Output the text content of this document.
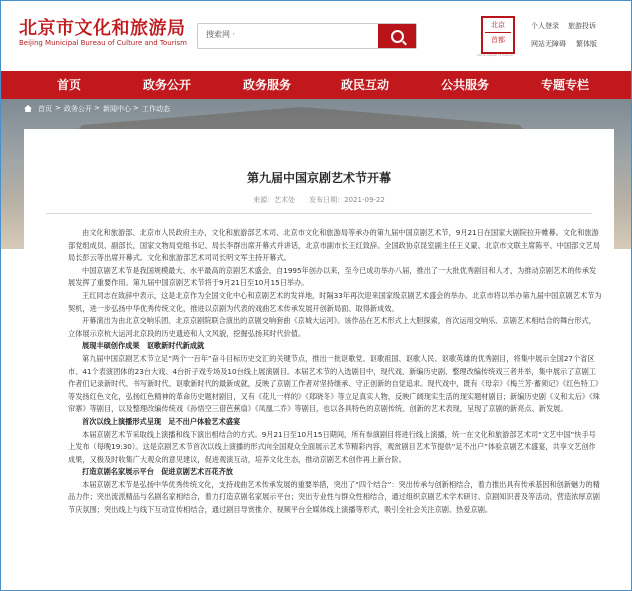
北京市文化和旅游局
Beijing Municipal Bureau of Culture and Tourism
搜索网 ·
北京
首都
China Capital of Culture
个人登录 旅游投诉
网站无障碍 繁体版
首页	政务公开	政务服务	政民互动	公共服务	专题专栏
首页 > 政务公开 > 新闻中心 > 工作动态
第九届中国京剧艺术节开幕
来源：艺术处　　发布日期：2021-09-22

由文化和旅游部、北京市人民政府主办，文化和旅游部艺术司、北京市文化和旅游局等承办的第九届中国京剧艺术节，9月21日在国家大剧院拉开帷幕。文化和旅游部党组成员、副部长，国家文物局党组书记、局长李群出席开幕式并讲话，北京市副市长王红致辞。全国政协京昆室副主任王义蒙、北京市文联主席陈平、中国部文艺局局长彭云等出席开幕式。文化和旅游部艺术司司长明文军主持开幕式。

中国京剧艺术节是我国规模最大、水平最高的京剧艺术盛会，自1995年创办以来，至今已成功举办八届，推出了一大批优秀剧目和人才，为推动京剧艺术的传承发展发挥了重要作用。第九届中国京剧艺术节将于9月21日至10月15日举办。

王红同志在致辞中表示，这是北京作为全国文化中心和京剧艺术的发祥地，时隔33年再次迎来国家级京剧艺术盛会的举办。北京市将以举办第九届中国京剧艺术节为契机，进一步弘扬中华优秀传统文化，推进以京剧为代表的戏曲艺术传承发展开创新局面、取得新成效。

开幕演出为由北京交响乐团、北京京剧院联合演出的京剧交响套曲《京城大运河》。该作品在艺术形式上大胆探索，首次运用交响乐、京剧艺术相结合的舞台形式，立体展示京杭大运河北京段的历史遗迹和人文风貌，挖掘弘扬其时代价值。

展现丰硕创作成果　讴歌新时代新成就

第九届中国京剧艺术节立足“两个一百年”奋斗目标历史交汇的关键节点，推出一批讴歌党、讴歌祖国、讴歌人民、讴歌英雄的优秀剧目，将集中展示全国27个省区市、41个表演团体的23台大戏、4台折子戏专场及10台线上展演剧目。本届艺术节的入选剧目中，现代戏、新编历史剧、整理改编传统戏三者并举，集中展示了京剧工作者们记录新时代、书写新时代、讴歌新时代的最新成就，反映了京剧工作者对坚持继承、守正创新的自觉追求。现代戏中，既有《母亲》《梅兰芳·蓄须记》《红色特工》等发扬红色文化，弘扬红色精神的革命历史题材剧目，又有《花儿一样的》《郑晓冬》等立足真实人物，反映广阔现实生活的现实题材剧目；新编历史剧《义和太后》《珠帘寨》等剧目，以及整理改编传统戏《孙悟空三借芭蕉扇》《凤凰二乔》等剧目，也以各具特色的京剧传统、创新的艺术表现，呈现了京剧的新亮点、新发展。

首次以线上演播形式呈现　足不出户体验艺术盛宴

本届京剧艺术节采取线上演播和线下演出相结合的方式。9月21日至10月15日期间，所有参演剧目将进行线上演播，统一在文化和旅游部艺术司“文艺中国”快手号上发布（每晚19:30）。这是京剧艺术节首次以线上演播的形式向全国观众全面展示艺术节精彩内容，观赏剧目艺术节提供“足不出户”体验京剧艺术盛宴，共享文艺创作成果，又极及时收集广大观众的意见建议，促进观演互动，培养文化生态，推动京剧艺术创作再上新台阶。

打造京剧名家展示平台　促进京剧艺术百花齐放

本届京剧艺术节是弘扬中华优秀传统文化，支持戏曲艺术传承发展的重要举措，突出了“四个结合”：突出传承与创新相结合，着力推出具有传承基因和创新魅力的精品力作；突出流派精品与名剧名家相结合，着力打造京剧名家展示平台；突出专业性与群众性相结合，通过组织京剧艺术学术研讨、京剧知识普及等活动，营造浓厚京剧节庆氛围；突出线上与线下互动宣传相结合，通过剧目导赏推介、视频平台全媒体线上演播等形式，吸引全社会关注京剧、热爱京剧。
